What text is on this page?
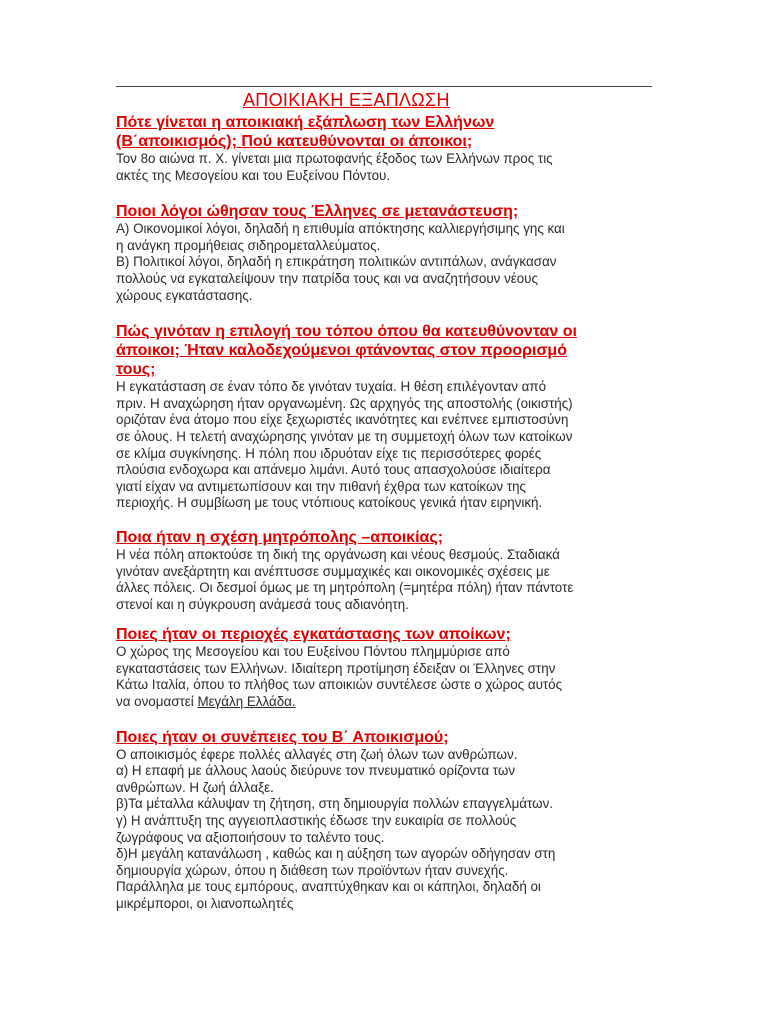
ΑΠΟΙΚΙΑΚΗ ΕΞΑΠΛΩΣΗ
Πότε γίνεται η αποικιακή εξάπλωση των Ελλήνων
(Β΄αποικισμός); Πού κατευθύνονται οι άποικοι;
Τον 8ο αιώνα π. Χ. γίνεται μια πρωτοφανής έξοδος των Ελλήνων προς τις
ακτές της Μεσογείου και του Ευξείνου Πόντου.
Ποιοι λόγοι ώθησαν τους Έλληνες σε μετανάστευση;
Α) Οικονομικοί λόγοι, δηλαδή η επιθυμία απόκτησης καλλιεργήσιμης γης και
η ανάγκη προμήθειας σιδηρομεταλλεύματος.
Β) Πολιτικοί λόγοι, δηλαδή η επικράτηση πολιτικών αντιπάλων, ανάγκασαν
πολλούς να εγκαταλείψουν την πατρίδα τους και να αναζητήσουν νέους
χώρους εγκατάστασης.
Πώς γινόταν η επιλογή του τόπου όπου θα κατευθύνονταν οι
άποικοι; Ήταν καλοδεχούμενοι φτάνοντας στον προορισμό
τους;
Η εγκατάσταση σε έναν τόπο δε γινόταν τυχαία. Η θέση επιλέγονταν από
πριν. Η αναχώρηση ήταν οργανωμένη. Ως αρχηγός της αποστολής (οικιστής)
οριζόταν ένα άτομο που είχε ξεχωριστές ικανότητες και ενέπνεε εμπιστοσύνη
σε όλους. Η τελετή αναχώρησης γινόταν με τη συμμετοχή όλων των κατοίκων
σε κλίμα συγκίνησης. Η πόλη που ιδρυόταν είχε τις περισσότερες φορές
πλούσια ενδοχωρα και απάνεμο λιμάνι. Αυτό τους απασχολούσε ιδιαίτερα
γιατί είχαν να αντιμετωπίσουν και την πιθανή έχθρα των κατοίκων της
περιοχής. Η συμβίωση με τους ντόπιους κατοίκους γενικά ήταν ειρηνική.
Ποια ήταν η σχέση μητρόπολης –αποικίας;
Η νέα πόλη αποκτούσε τη δική της οργάνωση και νέους θεσμούς. Σταδιακά
γινόταν ανεξάρτητη και ανέπτυσσε συμμαχικές και οικονομικές σχέσεις με
άλλες πόλεις. Οι δεσμοί όμως με τη μητρόπολη (=μητέρα πόλη) ήταν πάντοτε
στενοί και η σύγκρουση ανάμεσά τους αδιανόητη.
Ποιες ήταν οι περιοχές εγκατάστασης των αποίκων;
Ο χώρος της Μεσογείου και του Ευξείνου Πόντου πλημμύρισε από
εγκαταστάσεις των Ελλήνων. Ιδιαίτερη προτίμηση έδειξαν οι Έλληνες στην
Κάτω Ιταλία, όπου το πλήθος των αποικιών συντέλεσε ώστε ο χώρος αυτός
να ονομαστεί Μεγάλη Ελλάδα.
Ποιες ήταν οι συνέπειες του Β΄ Αποικισμού;
Ο αποικισμός έφερε πολλές αλλαγές στη ζωή όλων των ανθρώπων.
α) Η επαφή με άλλους λαούς διεύρυνε τον πνευματικό ορίζοντα των
ανθρώπων. Η ζωή άλλαξε.
β)Τα μέταλλα κάλυψαν τη ζήτηση, στη δημιουργία πολλών επαγγελμάτων.
γ) Η ανάπτυξη της αγγειοπλαστικής έδωσε την ευκαιρία σε πολλούς
ζωγράφους να αξιοποιήσουν το ταλέντο τους.
δ)Η μεγάλη κατανάλωση , καθώς και η αύξηση των αγορών οδήγησαν στη
δημιουργία χώρων, όπου η διάθεση των προϊόντων ήταν συνεχής.
Παράλληλα με τους εμπόρους, αναπτύχθηκαν και οι κάπηλοι, δηλαδή οι
μικρέμποροι, οι λιανοπωλητές
